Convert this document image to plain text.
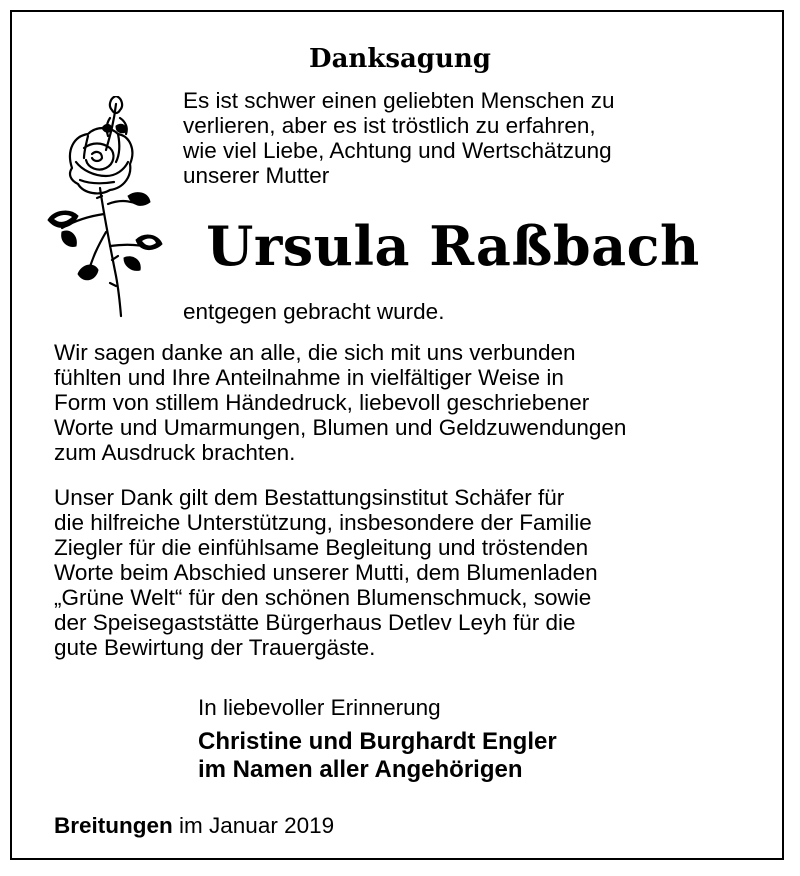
Danksagung
Es ist schwer einen geliebten Menschen zu
verlieren, aber es ist tröstlich zu erfahren,
wie viel Liebe, Achtung und Wertschätzung
unserer Mutter
Ursula Raßbach
entgegen gebracht wurde.
Wir sagen danke an alle, die sich mit uns verbunden
fühlten und Ihre Anteilnahme in vielfältiger Weise in
Form von stillem Händedruck, liebevoll geschriebener
Worte und Umarmungen, Blumen und Geldzuwendungen
zum Ausdruck brachten.
Unser Dank gilt dem Bestattungsinstitut Schäfer für
die hilfreiche Unterstützung, insbesondere der Familie
Ziegler für die einfühlsame Begleitung und tröstenden
Worte beim Abschied unserer Mutti, dem Blumenladen
„Grüne Welt“ für den schönen Blumenschmuck, sowie
der Speisegaststätte Bürgerhaus Detlev Leyh für die
gute Bewirtung der Trauergäste.
In liebevoller Erinnerung
Christine und Burghardt Engler
im Namen aller Angehörigen
Breitungen im Januar 2019
